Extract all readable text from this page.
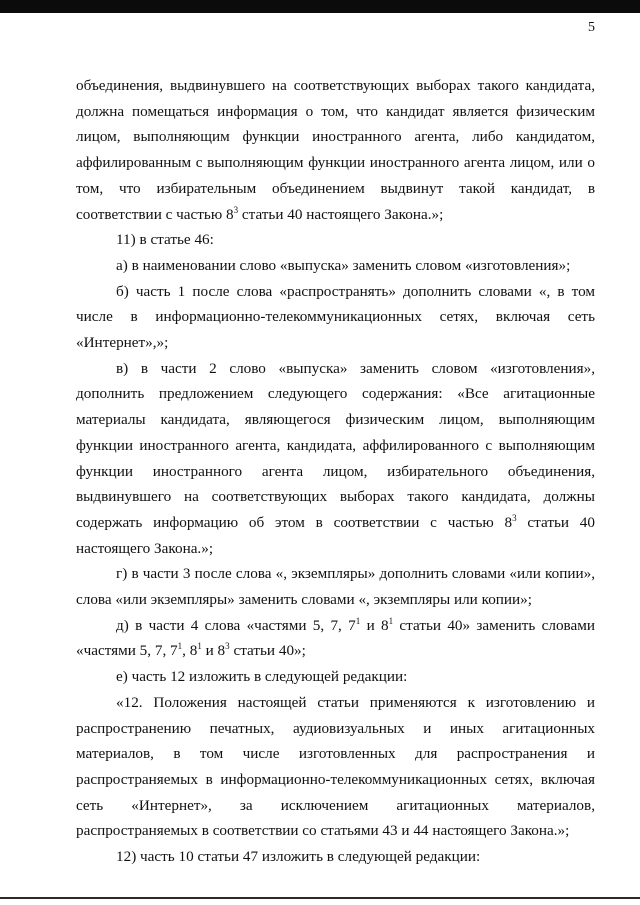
5

объединения, выдвинувшего на соответствующих выборах такого кандидата, должна помещаться информация о том, что кандидат является физическим лицом, выполняющим функции иностранного агента, либо кандидатом, аффилированным с выполняющим функции иностранного агента лицом, или о том, что избирательным объединением выдвинут такой кандидат, в соответствии с частью $8^3$ статьи 40 настоящего Закона.»;

11) в статье 46:

а) в наименовании слово «выпуска» заменить словом «изготовления»;

б) часть 1 после слова «распространять» дополнить словами «, в том числе в информационно-телекоммуникационных сетях, включая сеть «Интернет»,»;

в) в части 2 слово «выпуска» заменить словом «изготовления», дополнить предложением следующего содержания: «Все агитационные материалы кандидата, являющегося физическим лицом, выполняющим функции иностранного агента, кандидата, аффилированного с выполняющим функции иностранного агента лицом, избирательного объединения, выдвинувшего на соответствующих выборах такого кандидата, должны содержать информацию об этом в соответствии с частью $8^3$ статьи 40 настоящего Закона.»;

г) в части 3 после слова «, экземпляры» дополнить словами «или копии», слова «или экземпляры» заменить словами «, экземпляры или копии»;

д) в части 4 слова «частями 5, 7, $7^1$ и $8^1$ статьи 40» заменить словами «частями 5, 7, $7^1$, $8^1$ и $8^3$ статьи 40»;

е) часть 12 изложить в следующей редакции:

«12. Положения настоящей статьи применяются к изготовлению и распространению печатных, аудиовизуальных и иных агитационных материалов, в том числе изготовленных для распространения и распространяемых в информационно-телекоммуникационных сетях, включая сеть «Интернет», за исключением агитационных материалов, распространяемых в соответствии со статьями 43 и 44 настоящего Закона.»;

12) часть 10 статьи 47 изложить в следующей редакции:
